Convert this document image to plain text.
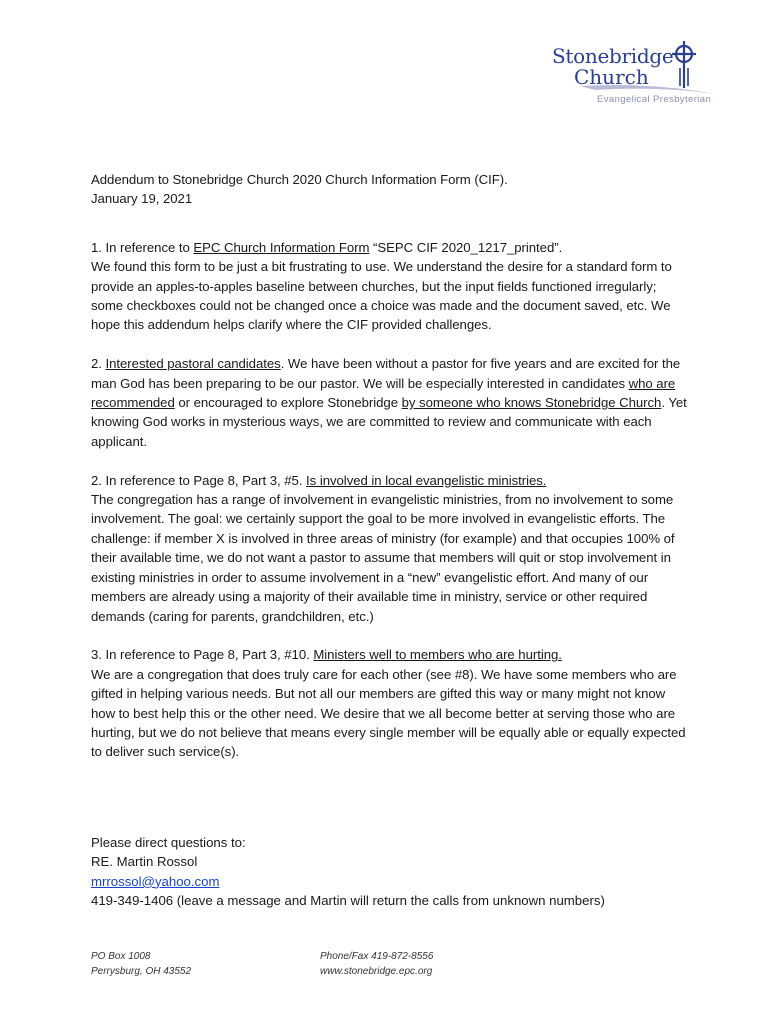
Stonebridge
Church
Evangelical Presbyterian

Addendum to Stonebridge Church 2020 Church Information Form (CIF).

January 19, 2021

1. In reference to EPC Church Information Form “SEPC CIF 2020_1217_printed”.

We found this form to be just a bit frustrating to use. We understand the desire for a standard form to provide an apples-to-apples baseline between churches, but the input fields functioned irregularly; some checkboxes could not be changed once a choice was made and the document saved, etc. We hope this addendum helps clarify where the CIF provided challenges.

2. Interested pastoral candidates. We have been without a pastor for five years and are excited for the man God has been preparing to be our pastor. We will be especially interested in candidates who are recommended or encouraged to explore Stonebridge by someone who knows Stonebridge Church. Yet knowing God works in mysterious ways, we are committed to review and communicate with each applicant.

2. In reference to Page 8, Part 3, #5. Is involved in local evangelistic ministries.

The congregation has a range of involvement in evangelistic ministries, from no involvement to some involvement. The goal: we certainly support the goal to be more involved in evangelistic efforts. The challenge: if member X is involved in three areas of ministry (for example) and that occupies 100% of their available time, we do not want a pastor to assume that members will quit or stop involvement in existing ministries in order to assume involvement in a “new” evangelistic effort. And many of our members are already using a majority of their available time in ministry, service or other required demands (caring for parents, grandchildren, etc.)

3. In reference to Page 8, Part 3, #10. Ministers well to members who are hurting.

We are a congregation that does truly care for each other (see #8). We have some members who are gifted in helping various needs. But not all our members are gifted this way or many might not know how to best help this or the other need. We desire that we all become better at serving those who are hurting, but we do not believe that means every single member will be equally able or equally expected to deliver such service(s).

Please direct questions to:

RE. Martin Rossol

mrrossol@yahoo.com

419-349-1406 (leave a message and Martin will return the calls from unknown numbers)

PO Box 1008

Perrysburg, OH 43552

Phone/Fax 419-872-8556

www.stonebridge.epc.org
